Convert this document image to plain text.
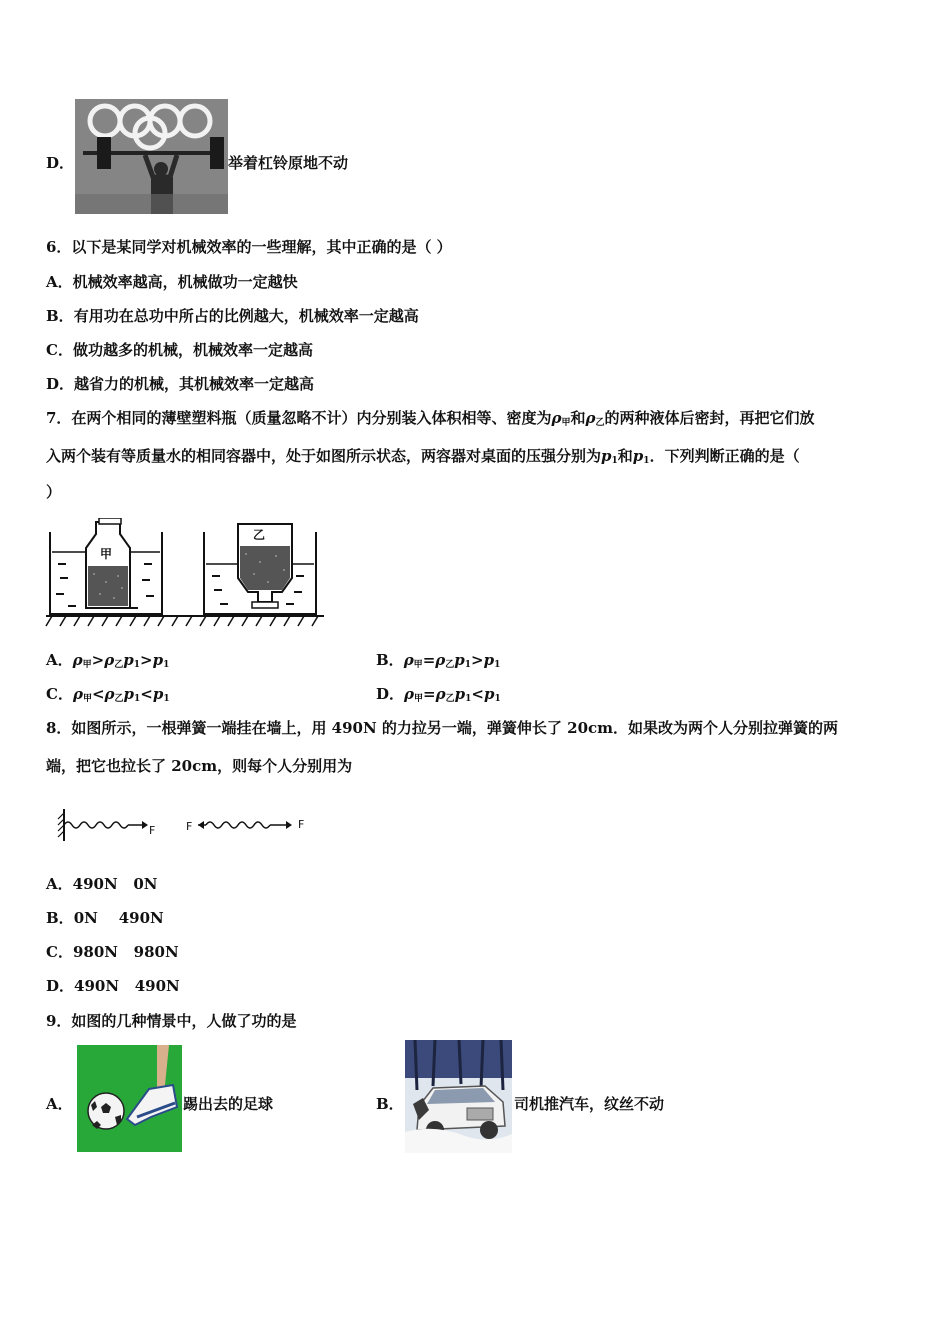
D．	举着杠铃原地不动
6．以下是某同学对机械效率的一些理解，其中正确的是（ ）
A．机械效率越高，机械做功一定越快
B．有用功在总功中所占的比例越大，机械效率一定越高
C．做功越多的机械，机械效率一定越高
D．越省力的机械，其机械效率一定越高
7．在两个相同的薄壁塑料瓶（质量忽略不计）内分别装入体积相等、密度为ρ甲和ρ乙的两种液体后密封，再把它们放
入两个装有等质量水的相同容器中，处于如图所示状态，两容器对桌面的压强分别为$p_1$和$p_1$．下列判断正确的是（
）
甲
乙
A．ρ甲>ρ乙$p_1>p_1$	B．ρ甲=ρ乙$p_1>p_1$
C．ρ甲<ρ乙$p_1<p_1$	D．ρ甲=ρ乙$p_1<p_1$
8．如图所示，一根弹簧一端挂在墙上，用 490N 的力拉另一端，弹簧伸长了 20cm．如果改为两个人分别拉弹簧的两
端，把它也拉长了 20cm，则每个人分别用为
F	F	F
A．490N   0N
B．0N    490N
C．980N   980N
D．490N   490N
9．如图的几种情景中，人做了功的是
A．	踢出去的足球	B．	司机推汽车，纹丝不动
